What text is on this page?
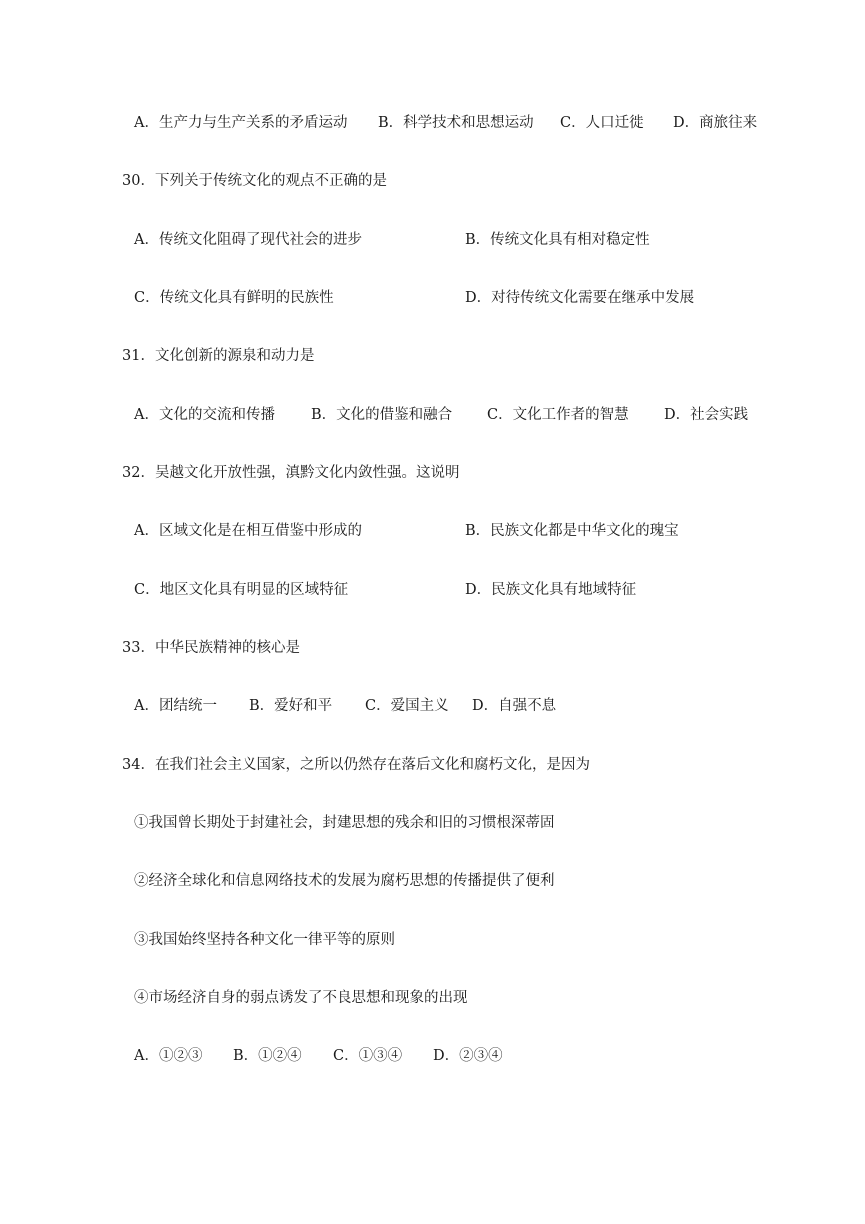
A．生产力与生产关系的矛盾运动 B．科学技术和思想运动 C．人口迁徙 D．商旅往来
30．下列关于传统文化的观点不正确的是
A．传统文化阻碍了现代社会的进步	B．传统文化具有相对稳定性
C．传统文化具有鲜明的民族性	D．对待传统文化需要在继承中发展
31．文化创新的源泉和动力是
A．文化的交流和传播 B．文化的借鉴和融合 C．文化工作者的智慧 D．社会实践
32．吴越文化开放性强，滇黔文化内敛性强。这说明
A．区域文化是在相互借鉴中形成的	B．民族文化都是中华文化的瑰宝
C．地区文化具有明显的区域特征	D．民族文化具有地域特征
33．中华民族精神的核心是
A．团结统一 B．爱好和平 C．爱国主义 D．自强不息
34．在我们社会主义国家，之所以仍然存在落后文化和腐朽文化，是因为
①我国曾长期处于封建社会，封建思想的残余和旧的习惯根深蒂固
②经济全球化和信息网络技术的发展为腐朽思想的传播提供了便利
③我国始终坚持各种文化一律平等的原则
④市场经济自身的弱点诱发了不良思想和现象的出现
A．①②③ B．①②④ C．①③④ D．②③④
